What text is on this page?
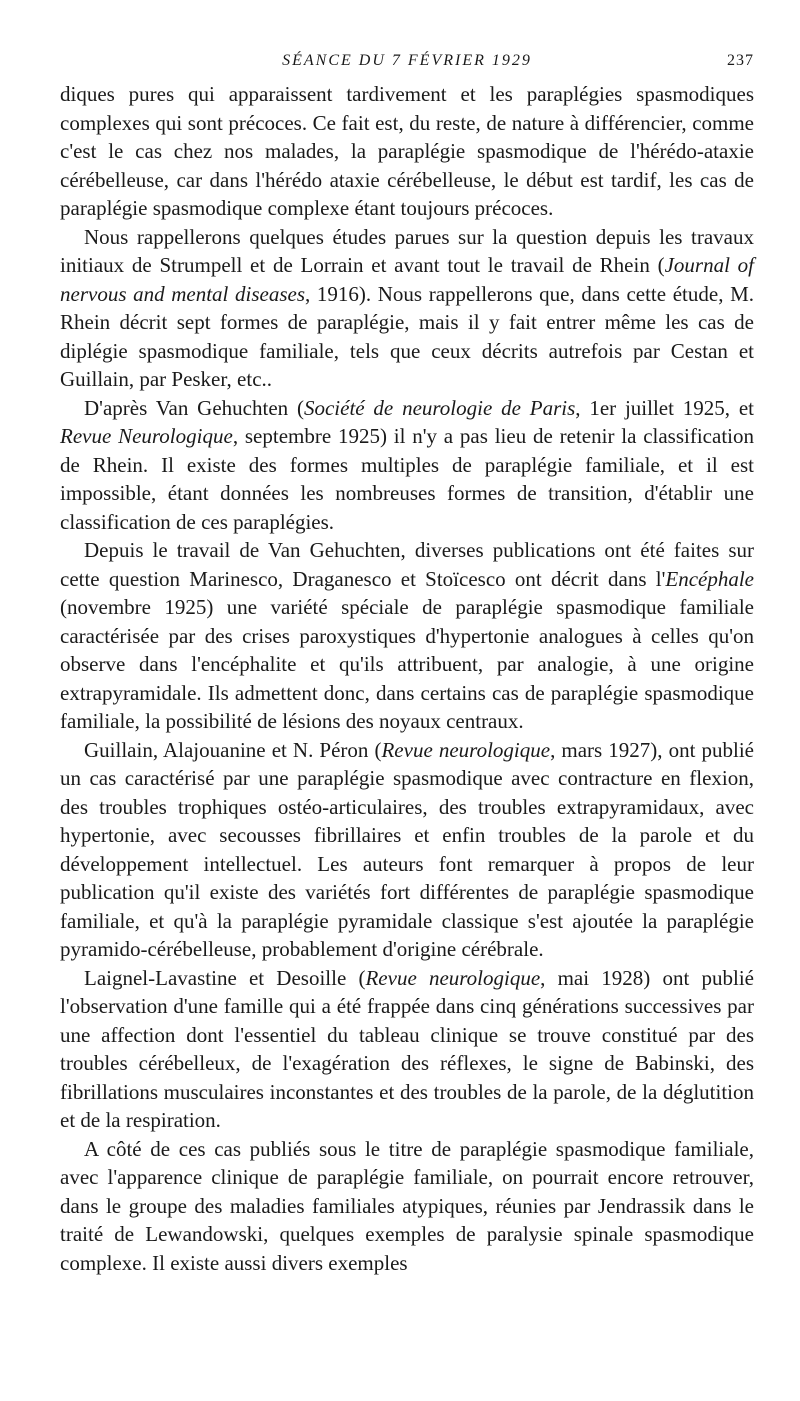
SÉANCE DU 7 FÉVRIER 1929	237

diques pures qui apparaissent tardivement et les paraplégies spasmodiques complexes qui sont précoces. Ce fait est, du reste, de nature à différencier, comme c'est le cas chez nos malades, la paraplégie spasmodique de l'hérédo-ataxie cérébelleuse, car dans l'hérédo ataxie cérébelleuse, le début est tardif, les cas de paraplégie spasmodique complexe étant toujours précoces.

Nous rappellerons quelques études parues sur la question depuis les travaux initiaux de Strumpell et de Lorrain et avant tout le travail de Rhein (Journal of nervous and mental diseases, 1916). Nous rappellerons que, dans cette étude, M. Rhein décrit sept formes de paraplégie, mais il y fait entrer même les cas de diplégie spasmodique familiale, tels que ceux décrits autrefois par Cestan et Guillain, par Pesker, etc..

D'après Van Gehuchten (Société de neurologie de Paris, 1er juillet 1925, et Revue Neurologique, septembre 1925) il n'y a pas lieu de retenir la classification de Rhein. Il existe des formes multiples de paraplégie familiale, et il est impossible, étant données les nombreuses formes de transition, d'établir une classification de ces paraplégies.

Depuis le travail de Van Gehuchten, diverses publications ont été faites sur cette question Marinesco, Draganesco et Stoïcesco ont décrit dans l'Encéphale (novembre 1925) une variété spéciale de paraplégie spasmodique familiale caractérisée par des crises paroxystiques d'hypertonie analogues à celles qu'on observe dans l'encéphalite et qu'ils attribuent, par analogie, à une origine extrapyramidale. Ils admettent donc, dans certains cas de paraplégie spasmodique familiale, la possibilité de lésions des noyaux centraux.

Guillain, Alajouanine et N. Péron (Revue neurologique, mars 1927), ont publié un cas caractérisé par une paraplégie spasmodique avec contracture en flexion, des troubles trophiques ostéo-articulaires, des troubles extrapyramidaux, avec hypertonie, avec secousses fibrillaires et enfin troubles de la parole et du développement intellectuel. Les auteurs font remarquer à propos de leur publication qu'il existe des variétés fort différentes de paraplégie spasmodique familiale, et qu'à la paraplégie pyramidale classique s'est ajoutée la paraplégie pyramido-cérébelleuse, probablement d'origine cérébrale.

Laignel-Lavastine et Desoille (Revue neurologique, mai 1928) ont publié l'observation d'une famille qui a été frappée dans cinq générations successives par une affection dont l'essentiel du tableau clinique se trouve constitué par des troubles cérébelleux, de l'exagération des réflexes, le signe de Babinski, des fibrillations musculaires inconstantes et des troubles de la parole, de la déglutition et de la respiration.

A côté de ces cas publiés sous le titre de paraplégie spasmodique familiale, avec l'apparence clinique de paraplégie familiale, on pourrait encore retrouver, dans le groupe des maladies familiales atypiques, réunies par Jendrassik dans le traité de Lewandowski, quelques exemples de paralysie spinale spasmodique complexe. Il existe aussi divers exemples
